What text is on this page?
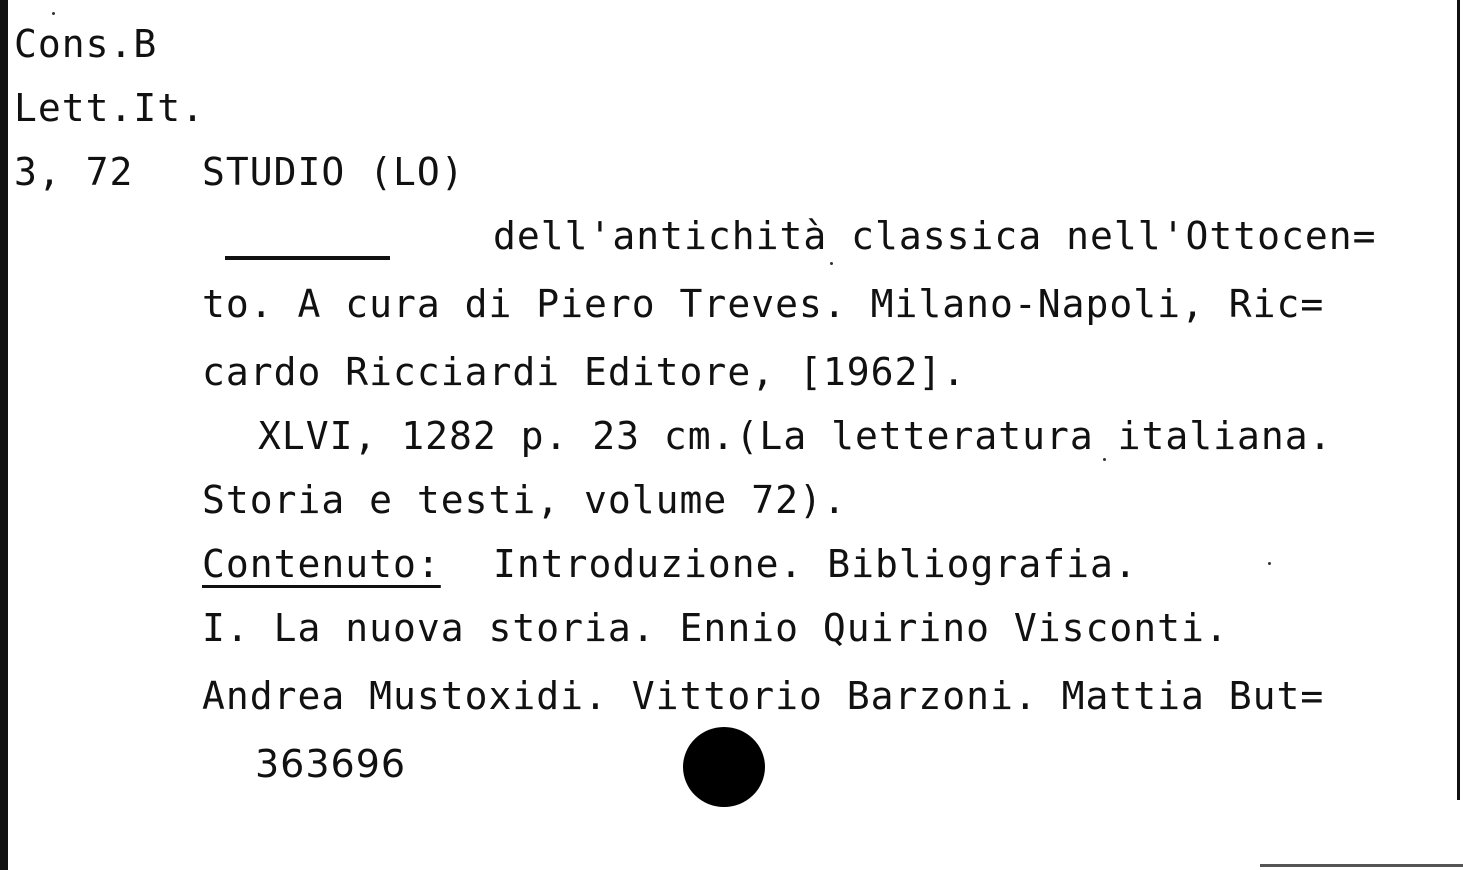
Cons.B
Lett.It.
3, 72 STUDIO (LO)
dell'antichità classica nell'Ottocen=
to. A cura di Piero Treves. Milano-Napoli, Ric=
cardo Ricciardi Editore, [1962].
XLVI, 1282 p. 23 cm.(La letteratura italiana.
Storia e testi, volume 72).
Contenuto: Introduzione. Bibliografia.
I. La nuova storia. Ennio Quirino Visconti.
Andrea Mustoxidi. Vittorio Barzoni. Mattia But=
363696
